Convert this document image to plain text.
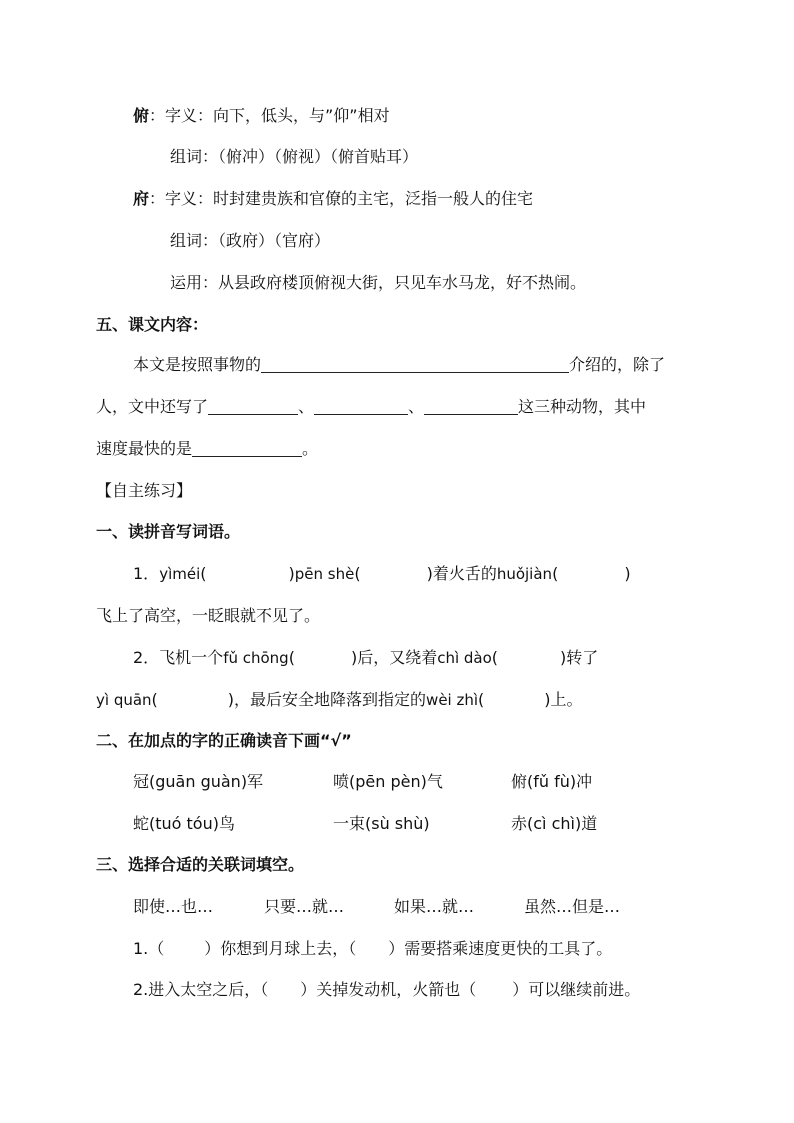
俯：字义：向下，低头，与”仰”相对
组词：（俯冲）（俯视）（俯首贴耳）
府：字义：时封建贵族和官僚的主宅，泛指一般人的住宅
组词：（政府）（官府）
运用：从县政府楼顶俯视大街，只见车水马龙，好不热闹。
五、课文内容：
本文是按照事物的	介绍的，除了
人，文中还写了	、	、	这三种动物，其中
速度最快的是	。
【自主练习】
一、读拼音写词语。
1．yìméi(	)pēn shè(	)着火舌的huǒjiàn(	)
飞上了高空，一眨眼就不见了。
2．飞机一个fǔ chōng(	)后，又绕着chì dào(	)转了
yì quān(	)，最后安全地降落到指定的wèi zhì(	)上。
二、在加点的字的正确读音下画“√”
冠(guān guàn)军	喷(pēn pèn)气	俯(fǔ fù)冲
蛇(tuó tóu)鸟	一束(sù shù)	赤(cì chì)道
三、选择合适的关联词填空。
即使…也…	只要…就…	如果…就…	虽然…但是…
1.（	）你想到月球上去，（ ）需要搭乘速度更快的工具了。
2.进入太空之后，（ ）关掉发动机，火箭也（ ）可以继续前进。
